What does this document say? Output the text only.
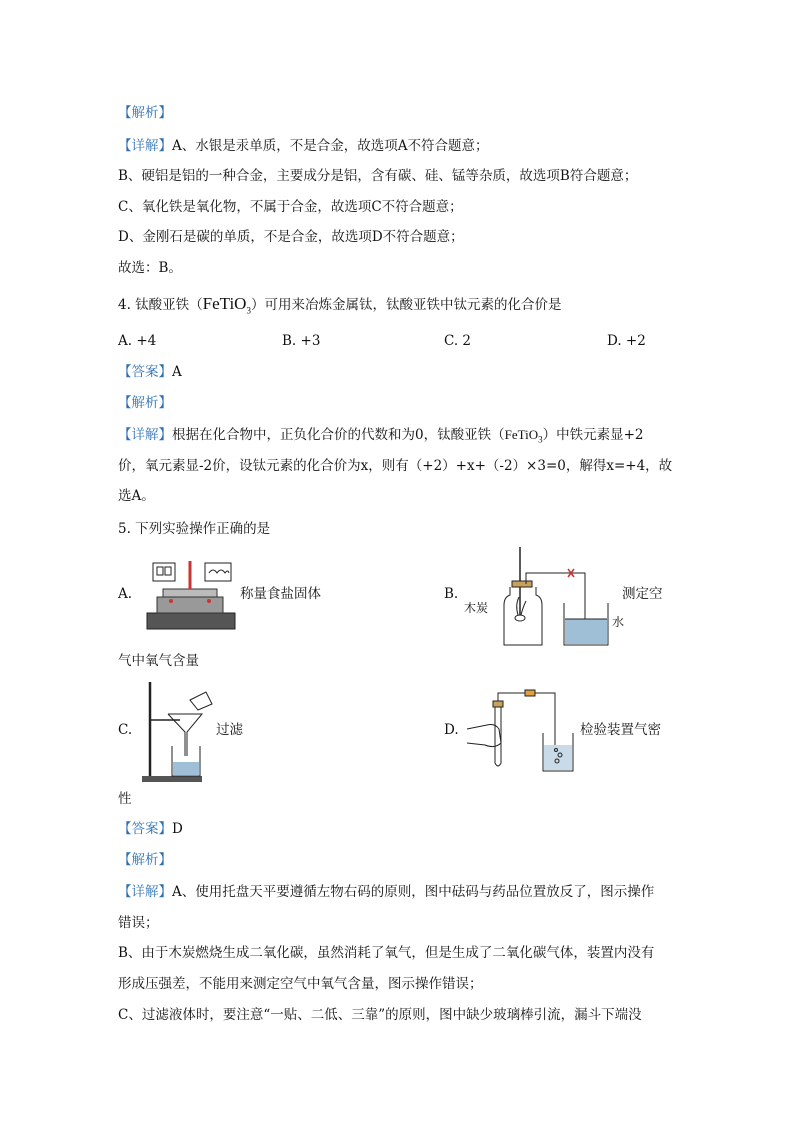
【解析】
【详解】A、水银是汞单质，不是合金，故选项A不符合题意；
B、硬铝是铝的一种合金，主要成分是铝，含有碳、硅、锰等杂质，故选项B符合题意；
C、氧化铁是氧化物，不属于合金，故选项C不符合题意；
D、金刚石是碳的单质，不是合金，故选项D不符合题意；
故选：B。
4. 钛酸亚铁（FeTiO$_3$）可用来冶炼金属钛，钛酸亚铁中钛元素的化合价是
A. +4	B. +3	C. 2	D. +2
【答案】A
【解析】
【详解】根据在化合物中，正负化合价的代数和为0，钛酸亚铁（FeTiO$_3$）中铁元素显+2
价，氧元素显-2价，设钛元素的化合价为x，则有（+2）+x+（-2）×3=0，解得x=+4，故
选A。
5. 下列实验操作正确的是
A.	称量食盐固体	B.
木炭
水
测定空
气中氧气含量
C.	过滤	D.	检验装置气密
性
【答案】D
【解析】
【详解】A、使用托盘天平要遵循左物右码的原则，图中砝码与药品位置放反了，图示操作
错误；
B、由于木炭燃烧生成二氧化碳，虽然消耗了氧气，但是生成了二氧化碳气体，装置内没有
形成压强差，不能用来测定空气中氧气含量，图示操作错误；
C、过滤液体时，要注意“一贴、二低、三靠”的原则，图中缺少玻璃棒引流，漏斗下端没
